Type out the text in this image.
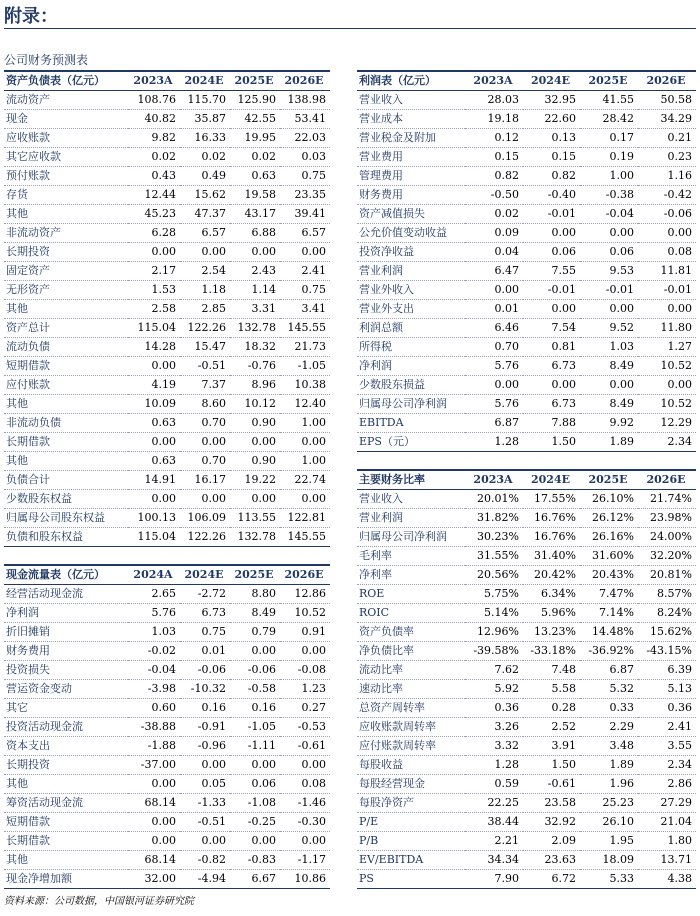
附录：
公司财务预测表
资产负债表（亿元）	2023A	2024E	2025E	2026E
流动资产	108.76	115.70	125.90	138.98
现金	40.82	35.87	42.55	53.41
应收账款	9.82	16.33	19.95	22.03
其它应收款	0.02	0.02	0.02	0.03
预付账款	0.43	0.49	0.63	0.75
存货	12.44	15.62	19.58	23.35
其他	45.23	47.37	43.17	39.41
非流动资产	6.28	6.57	6.88	6.57
长期投资	0.00	0.00	0.00	0.00
固定资产	2.17	2.54	2.43	2.41
无形资产	1.53	1.18	1.14	0.75
其他	2.58	2.85	3.31	3.41
资产总计	115.04	122.26	132.78	145.55
流动负债	14.28	15.47	18.32	21.73
短期借款	0.00	-0.51	-0.76	-1.05
应付账款	4.19	7.37	8.96	10.38
其他	10.09	8.60	10.12	12.40
非流动负债	0.63	0.70	0.90	1.00
长期借款	0.00	0.00	0.00	0.00
其他	0.63	0.70	0.90	1.00
负债合计	14.91	16.17	19.22	22.74
少数股东权益	0.00	0.00	0.00	0.00
归属母公司股东权益	100.13	106.09	113.55	122.81
负债和股东权益	115.04	122.26	132.78	145.55
现金流量表（亿元）	2024A	2024E	2025E	2026E
经营活动现金流	2.65	-2.72	8.80	12.86
净利润	5.76	6.73	8.49	10.52
折旧摊销	1.03	0.75	0.79	0.91
财务费用	-0.02	0.01	0.00	0.00
投资损失	-0.04	-0.06	-0.06	-0.08
营运资金变动	-3.98	-10.32	-0.58	1.23
其它	0.60	0.16	0.16	0.27
投资活动现金流	-38.88	-0.91	-1.05	-0.53
资本支出	-1.88	-0.96	-1.11	-0.61
长期投资	-37.00	0.00	0.00	0.00
其他	0.00	0.05	0.06	0.08
筹资活动现金流	68.14	-1.33	-1.08	-1.46
短期借款	0.00	-0.51	-0.25	-0.30
长期借款	0.00	0.00	0.00	0.00
其他	68.14	-0.82	-0.83	-1.17
现金净增加额	32.00	-4.94	6.67	10.86
利润表（亿元）	2023A	2024E	2025E	2026E
营业收入	28.03	32.95	41.55	50.58
营业成本	19.18	22.60	28.42	34.29
营业税金及附加	0.12	0.13	0.17	0.21
营业费用	0.15	0.15	0.19	0.23
管理费用	0.82	0.82	1.00	1.16
财务费用	-0.50	-0.40	-0.38	-0.42
资产减值损失	0.02	-0.01	-0.04	-0.06
公允价值变动收益	0.09	0.00	0.00	0.00
投资净收益	0.04	0.06	0.06	0.08
营业利润	6.47	7.55	9.53	11.81
营业外收入	0.00	-0.01	-0.01	-0.01
营业外支出	0.01	0.00	0.00	0.00
利润总额	6.46	7.54	9.52	11.80
所得税	0.70	0.81	1.03	1.27
净利润	5.76	6.73	8.49	10.52
少数股东损益	0.00	0.00	0.00	0.00
归属母公司净利润	5.76	6.73	8.49	10.52
EBITDA	6.87	7.88	9.92	12.29
EPS（元）	1.28	1.50	1.89	2.34
主要财务比率	2023A	2024E	2025E	2026E
营业收入	20.01%	17.55%	26.10%	21.74%
营业利润	31.82%	16.76%	26.12%	23.98%
归属母公司净利润	30.23%	16.76%	26.16%	24.00%
毛利率	31.55%	31.40%	31.60%	32.20%
净利率	20.56%	20.42%	20.43%	20.81%
ROE	5.75%	6.34%	7.47%	8.57%
ROIC	5.14%	5.96%	7.14%	8.24%
资产负债率	12.96%	13.23%	14.48%	15.62%
净负债比率	-39.58%	-33.18%	-36.92%	-43.15%
流动比率	7.62	7.48	6.87	6.39
速动比率	5.92	5.58	5.32	5.13
总资产周转率	0.36	0.28	0.33	0.36
应收账款周转率	3.26	2.52	2.29	2.41
应付账款周转率	3.32	3.91	3.48	3.55
每股收益	1.28	1.50	1.89	2.34
每股经营现金	0.59	-0.61	1.96	2.86
每股净资产	22.25	23.58	25.23	27.29
P/E	38.44	32.92	26.10	21.04
P/B	2.21	2.09	1.95	1.80
EV/EBITDA	34.34	23.63	18.09	13.71
PS	7.90	6.72	5.33	4.38
资料来源：公司数据，中国银河证券研究院
